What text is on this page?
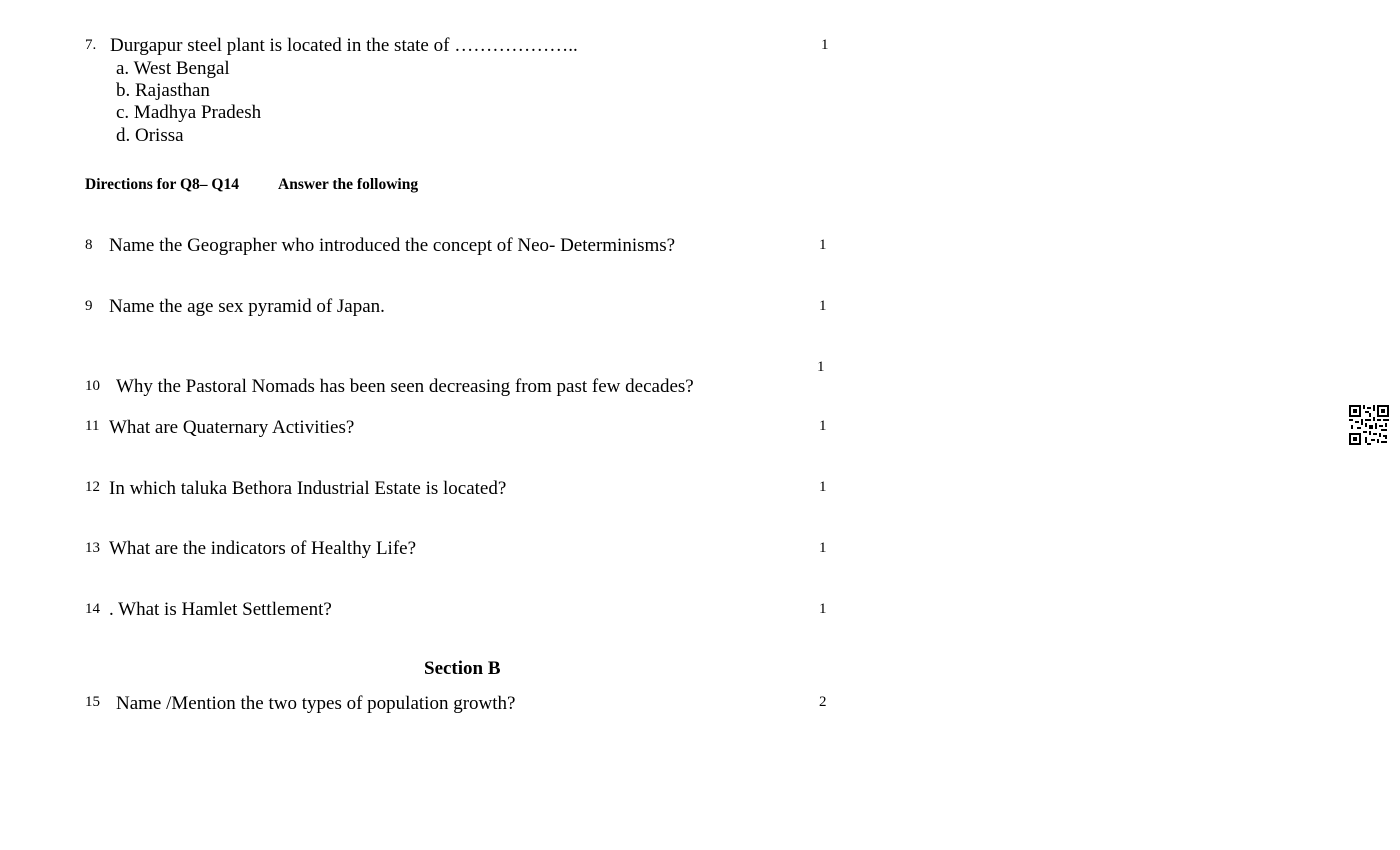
7. Durgapur steel plant is located in the state of ………………..	1
a. West Bengal
b. Rajasthan
c. Madhya Pradesh
d. Orissa
Directions for Q8– Q14	Answer the following
8 Name the Geographer who introduced the concept of Neo- Determinisms?	1
9 Name the age sex pyramid of Japan.	1
10 Why the Pastoral Nomads has been seen decreasing from past few decades?
1
11 What are Quaternary Activities?	1
12 In which taluka Bethora Industrial Estate is located?	1
13 What are the indicators of Healthy Life?	1
14 . What is Hamlet Settlement?	1
Section B
15 Name /Mention the two types of population growth?	2
